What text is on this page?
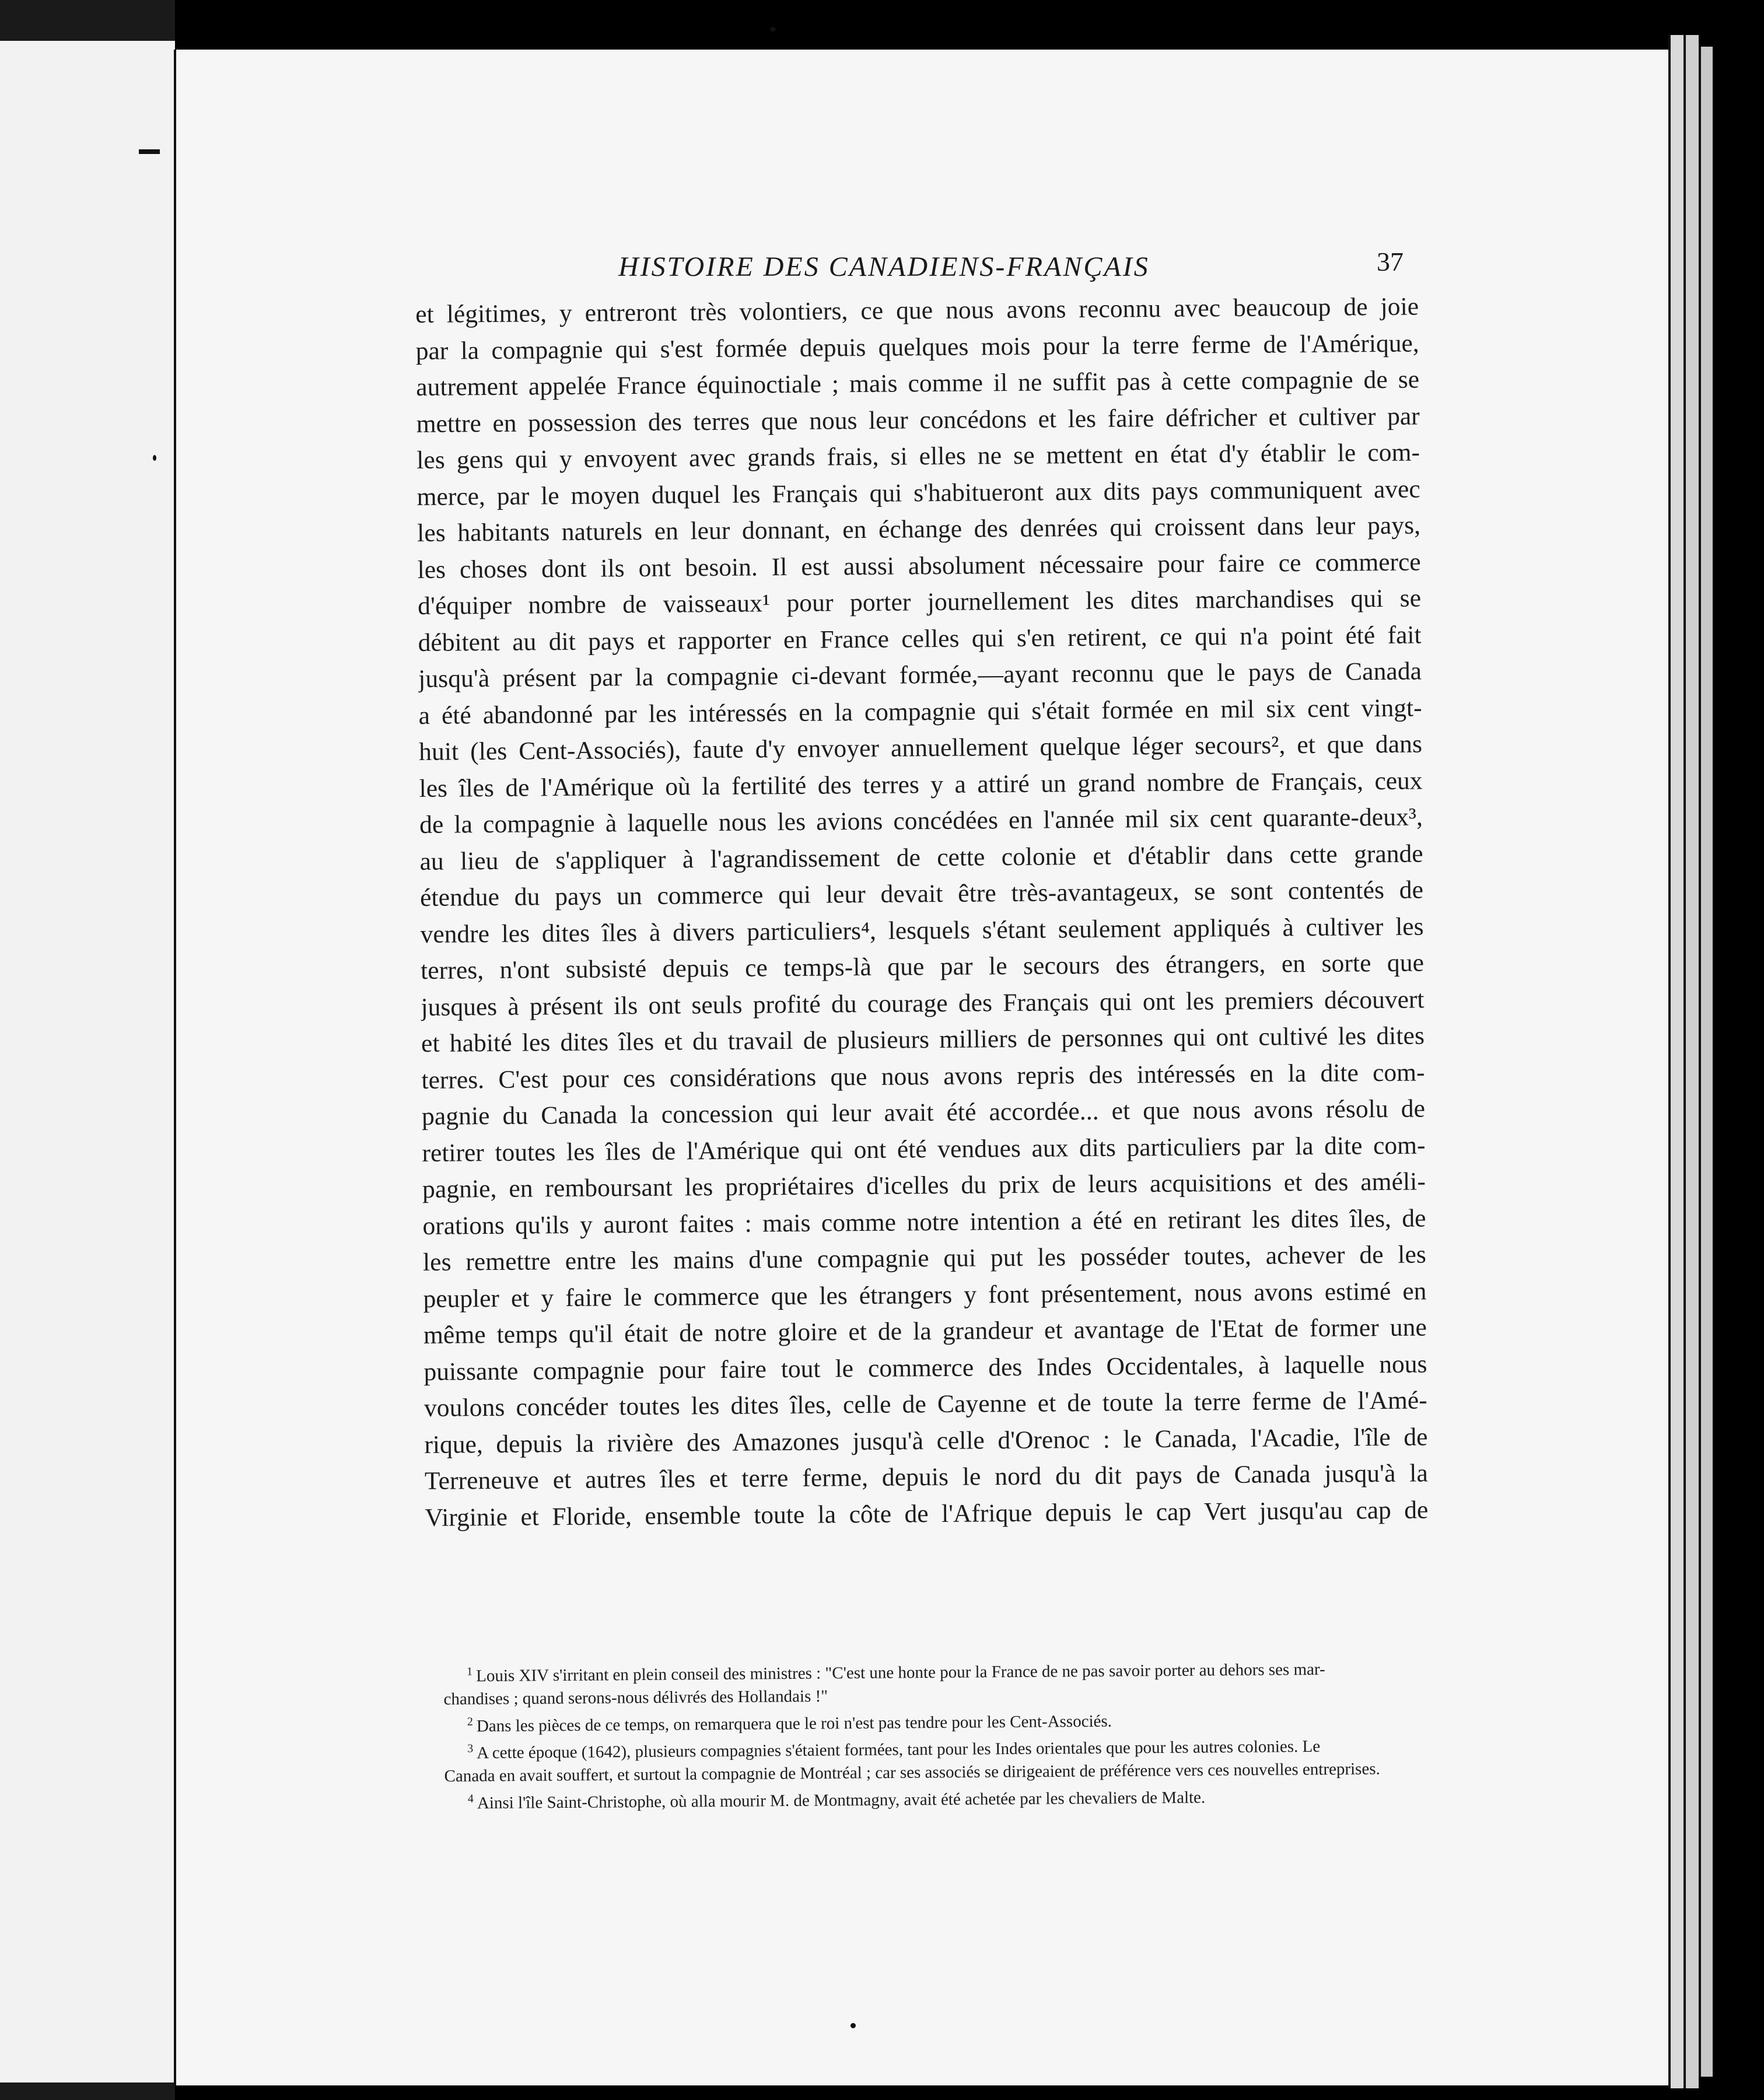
HISTOIRE DES CANADIENS-FRANÇAIS	37
et légitimes, y entreront très volontiers, ce que nous avons reconnu avec beaucoup de joie
par la compagnie qui s'est formée depuis quelques mois pour la terre ferme de l'Amérique,
autrement appelée France équinoctiale ; mais comme il ne suffit pas à cette compagnie de se
mettre en possession des terres que nous leur concédons et les faire défricher et cultiver par
les gens qui y envoyent avec grands frais, si elles ne se mettent en état d'y établir le com-
merce, par le moyen duquel les Français qui s'habitueront aux dits pays communiquent avec
les habitants naturels en leur donnant, en échange des denrées qui croissent dans leur pays,
les choses dont ils ont besoin. Il est aussi absolument nécessaire pour faire ce commerce
d'équiper nombre de vaisseaux¹ pour porter journellement les dites marchandises qui se
débitent au dit pays et rapporter en France celles qui s'en retirent, ce qui n'a point été fait
jusqu'à présent par la compagnie ci-devant formée,—ayant reconnu que le pays de Canada
a été abandonné par les intéressés en la compagnie qui s'était formée en mil six cent vingt-
huit (les Cent-Associés), faute d'y envoyer annuellement quelque léger secours², et que dans
les îles de l'Amérique où la fertilité des terres y a attiré un grand nombre de Français, ceux
de la compagnie à laquelle nous les avions concédées en l'année mil six cent quarante-deux³,
au lieu de s'appliquer à l'agrandissement de cette colonie et d'établir dans cette grande
étendue du pays un commerce qui leur devait être très-avantageux, se sont contentés de
vendre les dites îles à divers particuliers⁴, lesquels s'étant seulement appliqués à cultiver les
terres, n'ont subsisté depuis ce temps-là que par le secours des étrangers, en sorte que
jusques à présent ils ont seuls profité du courage des Français qui ont les premiers découvert
et habité les dites îles et du travail de plusieurs milliers de personnes qui ont cultivé les dites
terres. C'est pour ces considérations que nous avons repris des intéressés en la dite com-
pagnie du Canada la concession qui leur avait été accordée... et que nous avons résolu de
retirer toutes les îles de l'Amérique qui ont été vendues aux dits particuliers par la dite com-
pagnie, en remboursant les propriétaires d'icelles du prix de leurs acquisitions et des améli-
orations qu'ils y auront faites : mais comme notre intention a été en retirant les dites îles, de
les remettre entre les mains d'une compagnie qui put les posséder toutes, achever de les
peupler et y faire le commerce que les étrangers y font présentement, nous avons estimé en
même temps qu'il était de notre gloire et de la grandeur et avantage de l'Etat de former une
puissante compagnie pour faire tout le commerce des Indes Occidentales, à laquelle nous
voulons concéder toutes les dites îles, celle de Cayenne et de toute la terre ferme de l'Amé-
rique, depuis la rivière des Amazones jusqu'à celle d'Orenoc : le Canada, l'Acadie, l'île de
Terreneuve et autres îles et terre ferme, depuis le nord du dit pays de Canada jusqu'à la
Virginie et Floride, ensemble toute la côte de l'Afrique depuis le cap Vert jusqu'au cap de
$^1$ Louis XIV s'irritant en plein conseil des ministres : "C'est une honte pour la France de ne pas savoir porter au dehors ses mar-
chandises ; quand serons-nous délivrés des Hollandais !"
$^2$ Dans les pièces de ce temps, on remarquera que le roi n'est pas tendre pour les Cent-Associés.
$^3$ A cette époque (1642), plusieurs compagnies s'étaient formées, tant pour les Indes orientales que pour les autres colonies. Le
Canada en avait souffert, et surtout la compagnie de Montréal ; car ses associés se dirigeaient de préférence vers ces nouvelles entreprises.
$^4$ Ainsi l'île Saint-Christophe, où alla mourir M. de Montmagny, avait été achetée par les chevaliers de Malte.
